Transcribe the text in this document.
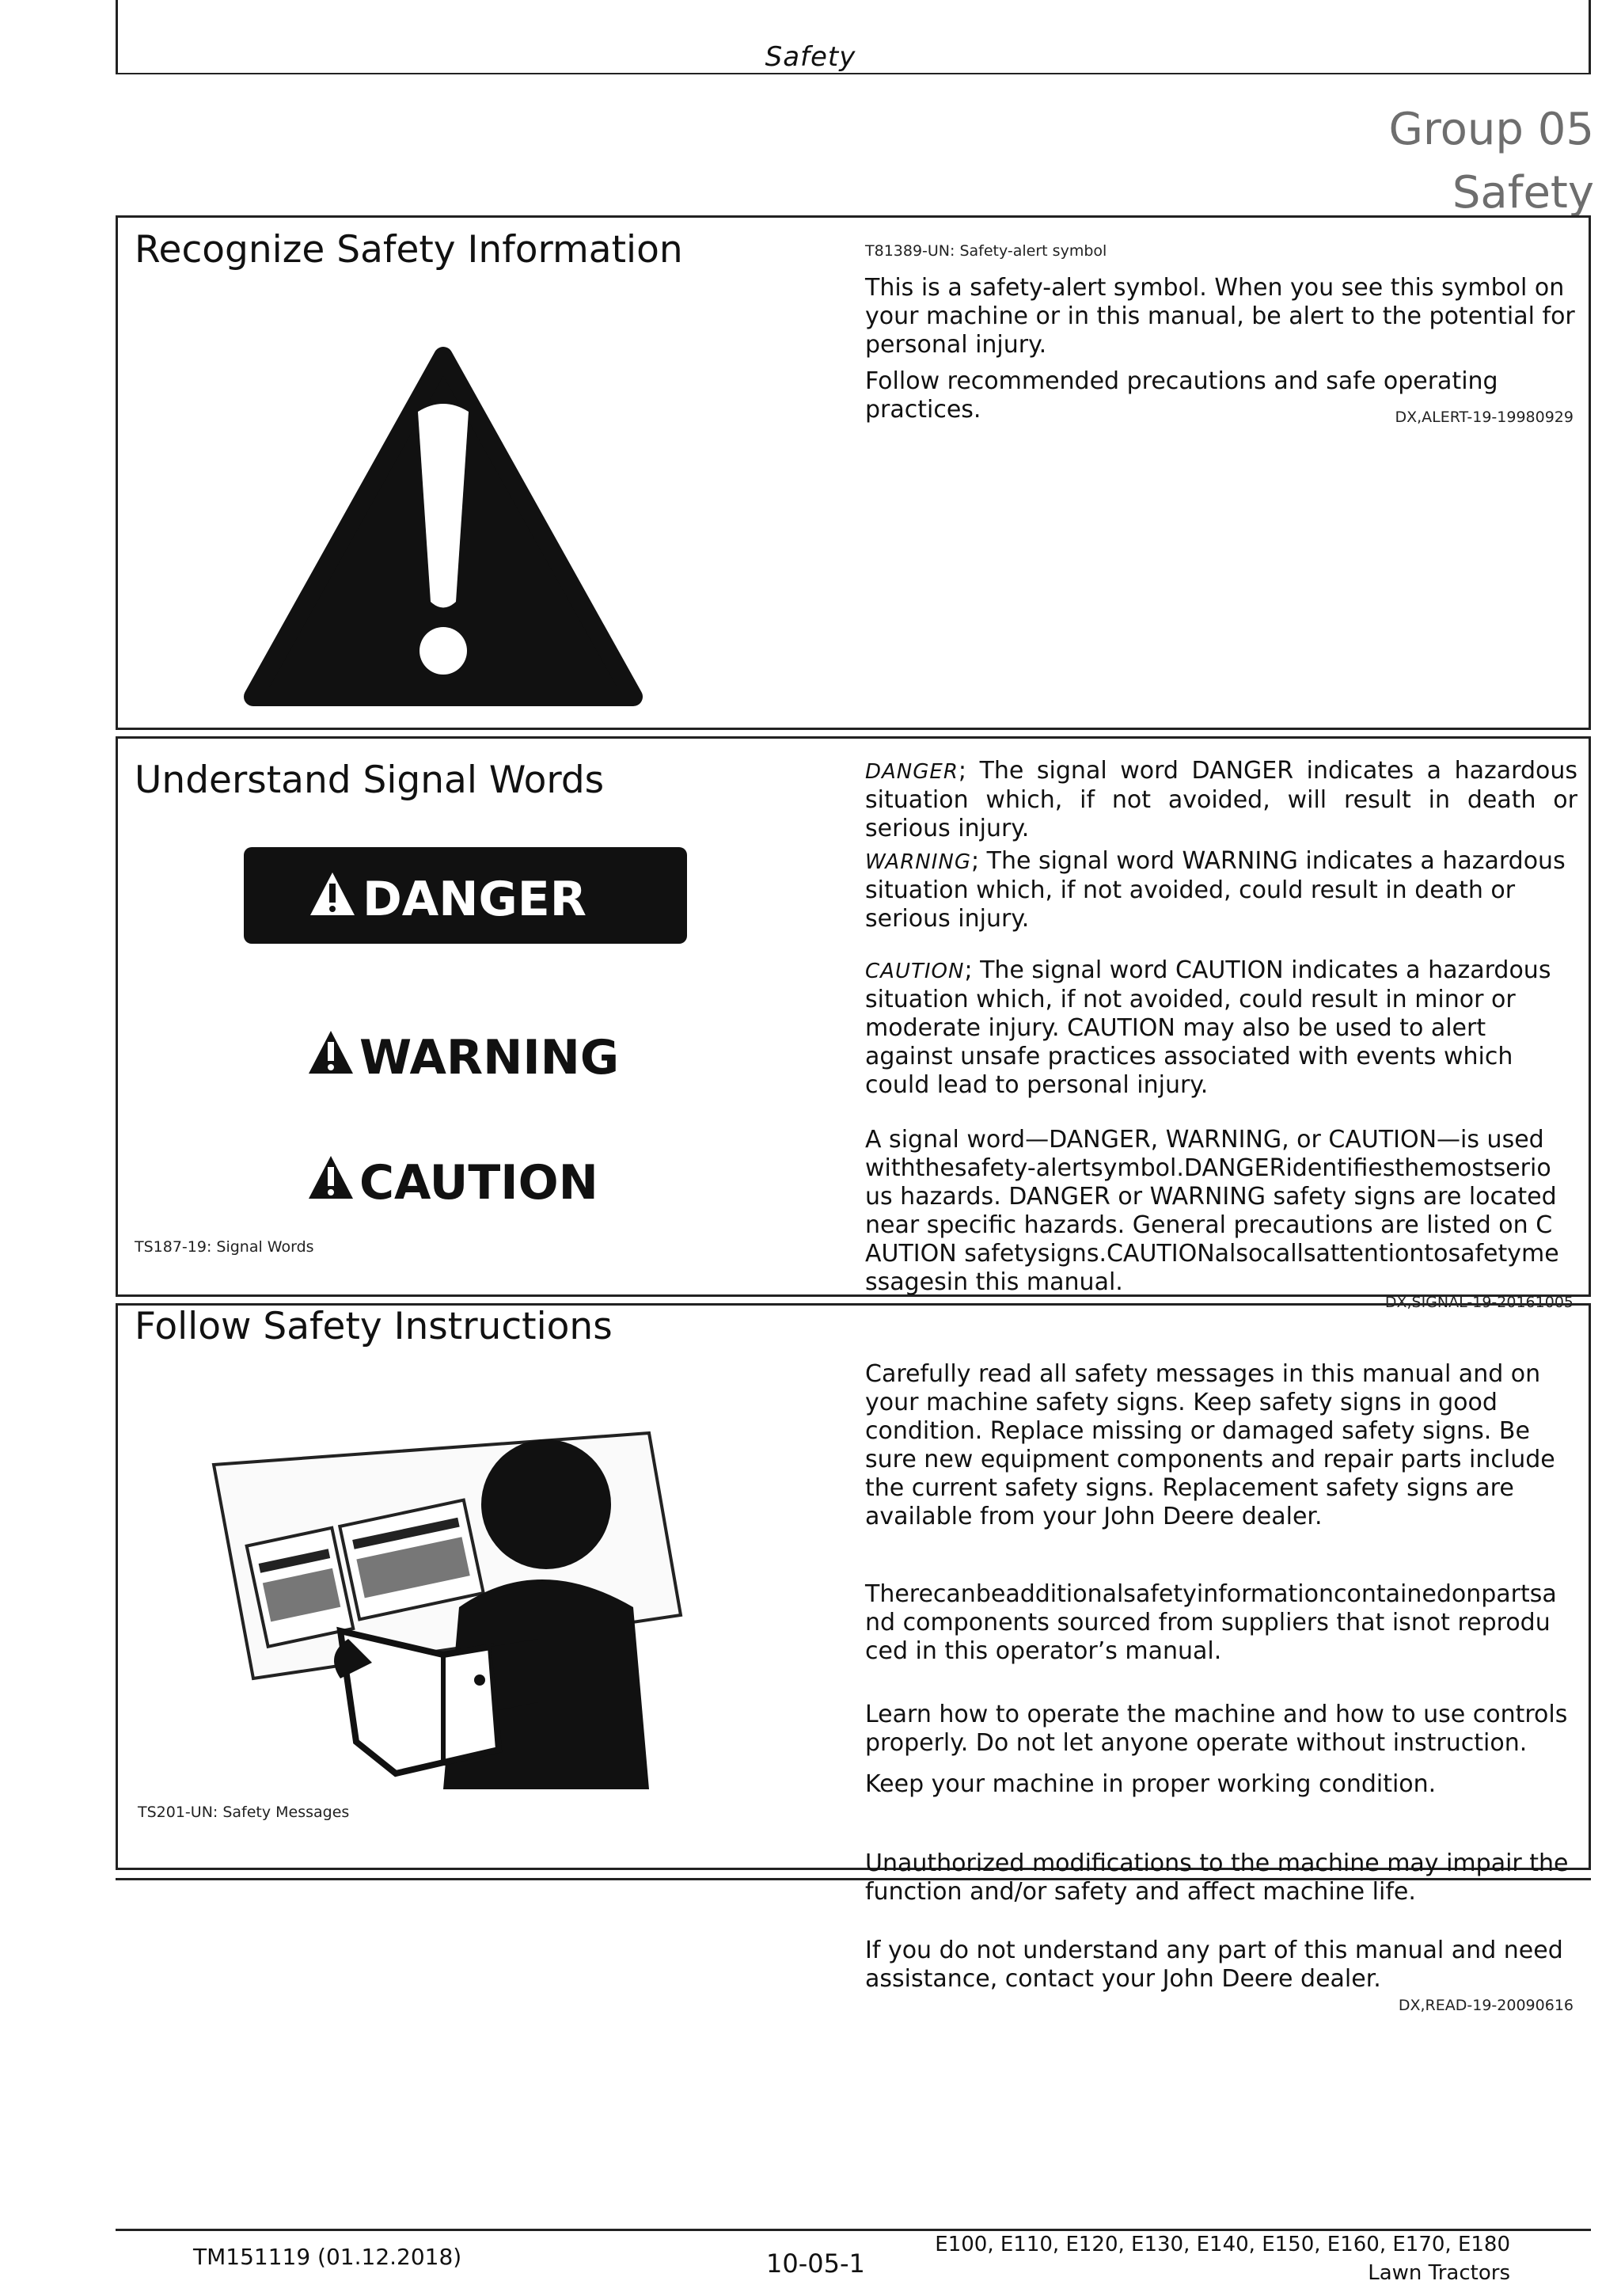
Safety
Group 05
Safety
Recognize Safety Information	T81389-UN: Safety-alert symbol
This is a safety-alert symbol. When you see this symbol on your machine or in this manual, be alert to the potential for personal injury.
Follow recommended precautions and safe operating practices.	DX,ALERT-19-19980929
Understand Signal Words
DANGER
WARNING
CAUTION
TS187-19: Signal Words
DANGER; The signal word DANGER indicates a hazardous situation which, if not avoided, will result in death or serious injury.
WARNING; The signal word WARNING indicates a hazardous situation which, if not avoided, could result in death or serious injury.
CAUTION; The signal word CAUTION indicates a hazardous situation which, if not avoided, could result in minor or moderate injury. CAUTION may also be used to alert against unsafe practices associated with events which could lead to personal injury.
A signal word—DANGER, WARNING, or CAUTION—is used withthesafety-alertsymbol.DANGERidentifiesthemostserious hazards. DANGER or WARNING safety signs are located near specific hazards. General precautions are listed on CAUTION safetysigns.CAUTIONalsocallsattentiontosafetymessagesin this manual.
DX,SIGNAL-19-20161005
Follow Safety Instructions
TS201-UN: Safety Messages
Carefully read all safety messages in this manual and on your machine safety signs. Keep safety signs in good condition. Replace missing or damaged safety signs. Be sure new equipment components and repair parts include the current safety signs. Replacement safety signs are available from your John Deere dealer.
Therecanbeadditionalsafetyinformationcontainedonpartsand components sourced from suppliers that isnot reproduced in this operator’s manual.
Learn how to operate the machine and how to use controls properly. Do not let anyone operate without instruction.
Keep your machine in proper working condition.
Unauthorized modifications to the machine may impair the function and/or safety and affect machine life.
If you do not understand any part of this manual and need assistance, contact your John Deere dealer.
DX,READ-19-20090616
TM151119 (01.12.2018)	10-05-1
E100, E110, E120, E130, E140, E150, E160, E170, E180
Lawn Tractors
